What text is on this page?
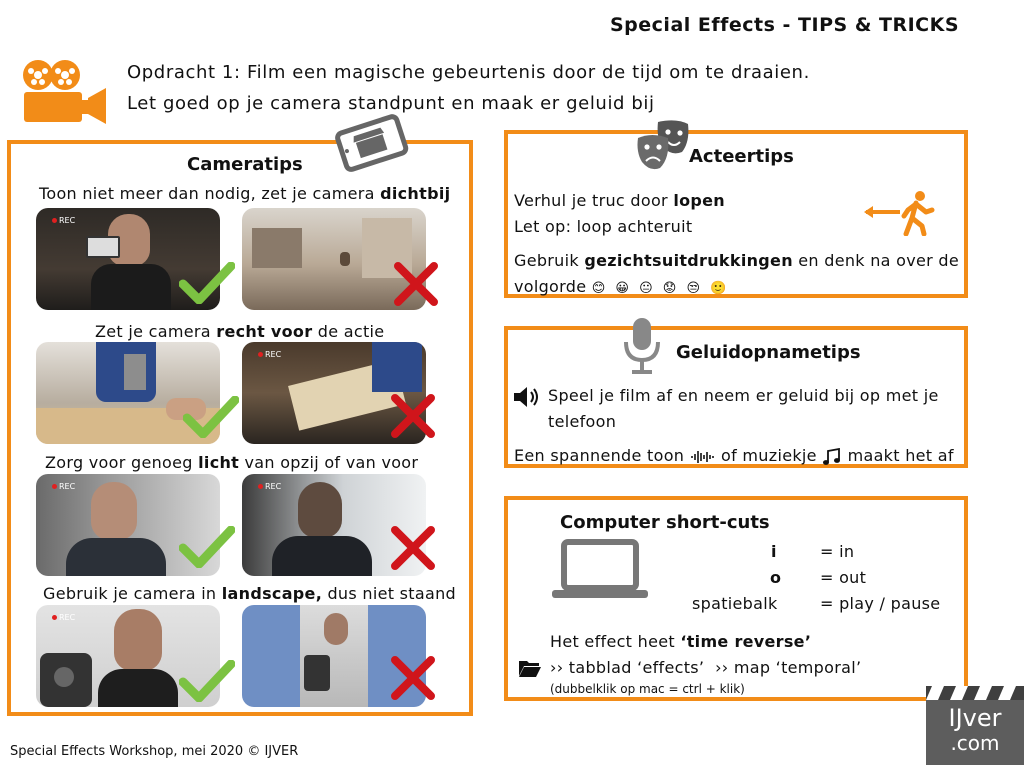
Special Effects - TIPS & TRICKS
Opdracht 1: Film een magische gebeurtenis door de tijd om te draaien.
Let goed op je camera standpunt en maak er geluid bij
Cameratips
Toon niet meer dan nodig, zet je camera dichtbij
REC
Zet je camera recht voor de actie
REC
Zorg voor genoeg licht van opzij of van voor
REC	REC
Gebruik je camera in landscape, dus niet staand
REC
Acteertips
Verhul je truc door lopen
Let op: loop achteruit
Gebruik gezichtsuitdrukkingen en denk na over de
volgorde 😊 😀 😐 😟 😒 🙂
Geluidopnametips
Speel je film af en neem er geluid bij op met je
telefoon
Een spannende toon of muziekje maakt het af
Computer short-cuts
i	= in
o = out
spatiebalk	= play / pause
Het effect heet ‘time reverse’
›› tabblad ‘effects’  ›› map ‘temporal’
(dubbelklik op mac = ctrl + klik)
Special Effects Workshop, mei 2020 © IJVER
IJver
.com
